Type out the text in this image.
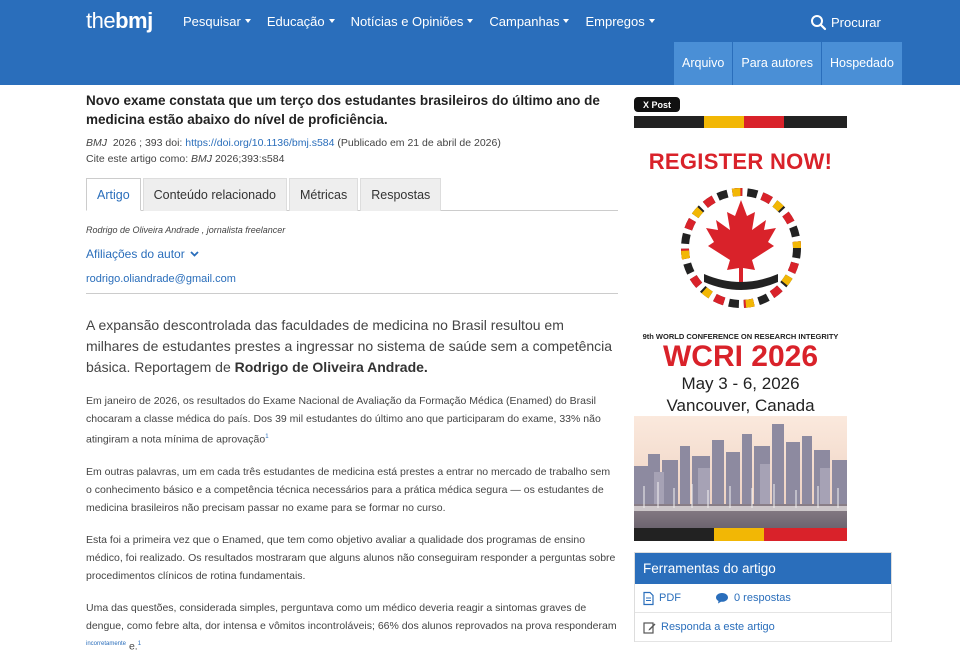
thebmj Pesquisar Educação Notícias e Opiniões Campanhas Empregos	Procurar
Arquivo	Para autores	Hospedado
Novo exame constata que um terço dos estudantes brasileiros do último ano de medicina estão abaixo do nível de proficiência.
BMJ 2026 ; 393 doi: https://doi.org/10.1136/bmj.s584 (Publicado em 21 de abril de 2026)
Cite este artigo como: BMJ 2026;393:s584
Artigo	Conteúdo relacionado	Métricas	Respostas
Rodrigo de Oliveira Andrade , jornalista freelancer
Afiliações do autor
rodrigo.oliandrade@gmail.com

A expansão descontrolada das faculdades de medicina no Brasil resultou em milhares de estudantes prestes a ingressar no sistema de saúde sem a competência básica. Reportagem de Rodrigo de Oliveira Andrade.

Em janeiro de 2026, os resultados do Exame Nacional de Avaliação da Formação Médica (Enamed) do Brasil chocaram a classe médica do país. Dos 39 mil estudantes do último ano que participaram do exame, 33% não atingiram a nota mínima de aprovação$^1$

Em outras palavras, um em cada três estudantes de medicina está prestes a entrar no mercado de trabalho sem o conhecimento básico e a competência técnica necessários para a prática médica segura — os estudantes de medicina brasileiros não precisam passar no exame para se formar no curso.

Esta foi a primeira vez que o Enamed, que tem como objetivo avaliar a qualidade dos programas de ensino médico, foi realizado. Os resultados mostraram que alguns alunos não conseguiram responder a perguntas sobre procedimentos clínicos de rotina fundamentais.

Uma das questões, considerada simples, perguntava como um médico deveria reagir a sintomas graves de dengue, como febre alta, dor intensa e vômitos incontroláveis; 66% dos alunos reprovados na prova responderam $^{incorretamente}$ e.$^1$

X Post
REGISTER NOW!
9th WORLD CONFERENCE ON RESEARCH INTEGRITY
WCRI 2026
May 3 - 6, 2026
Vancouver, Canada
Ferramentas do artigo
PDF	0 respostas
Responda a este artigo
